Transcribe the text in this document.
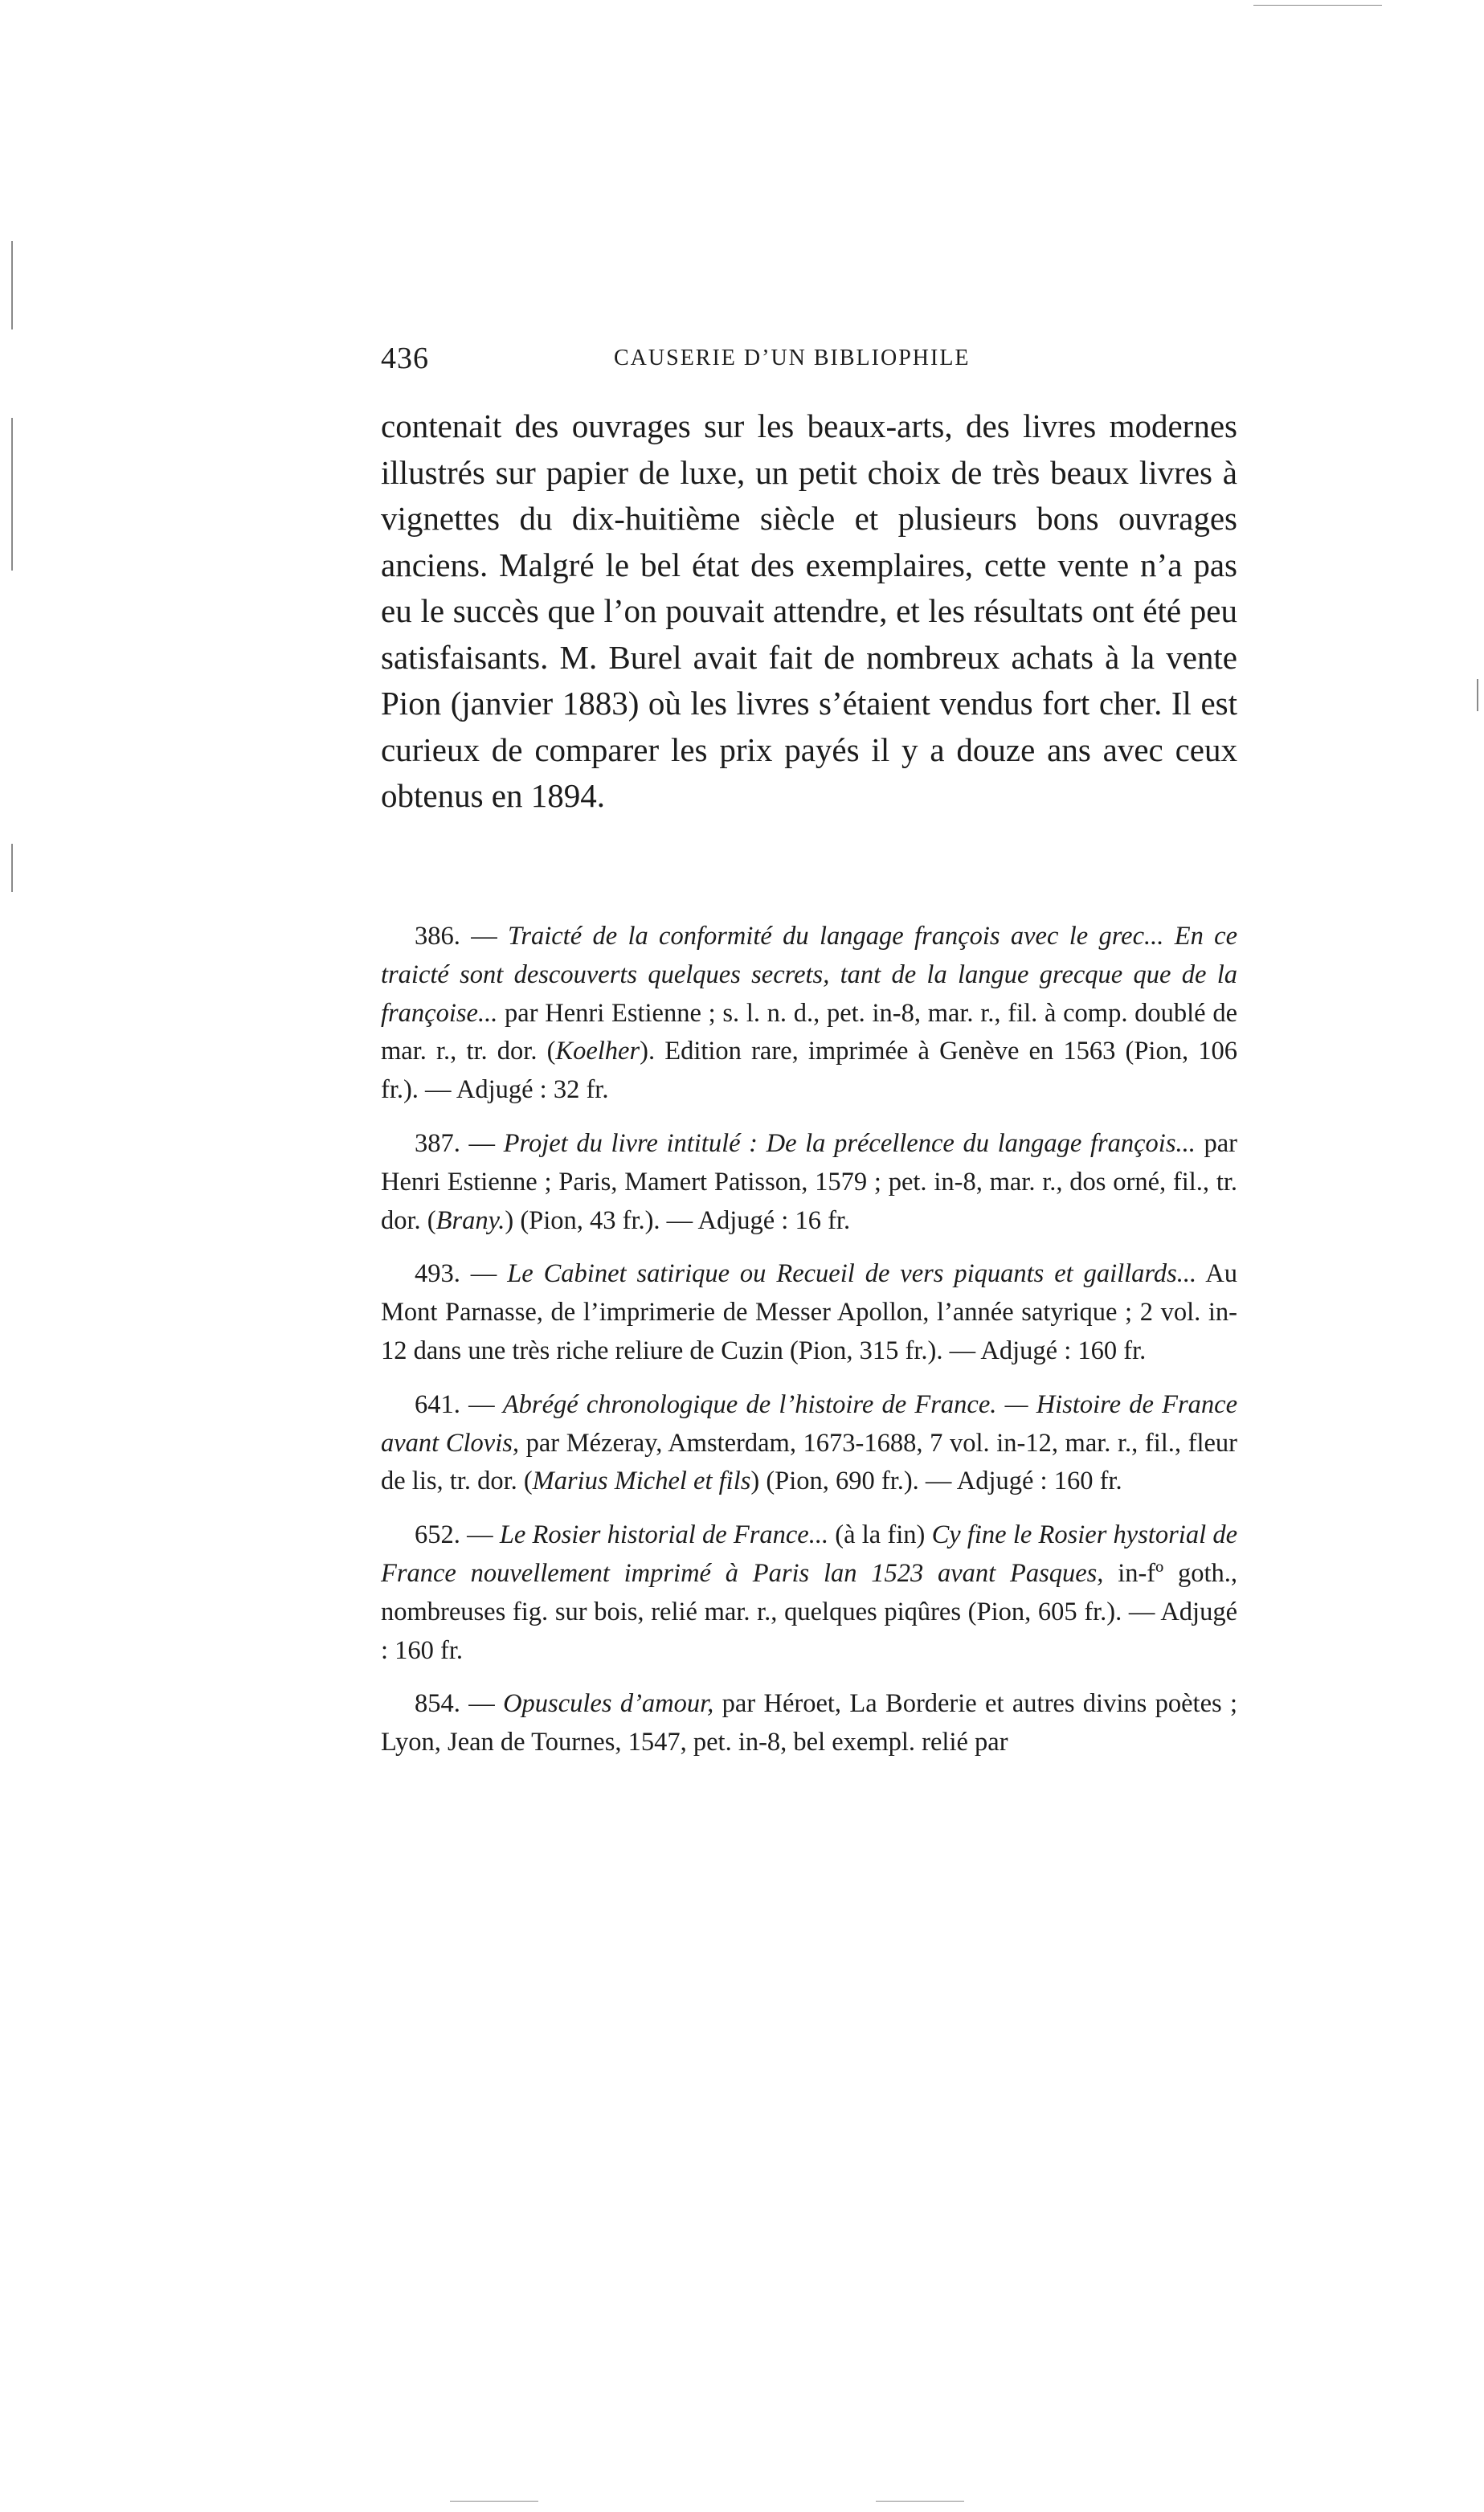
436	CAUSERIE D’UN BIBLIOPHILE

contenait des ouvrages sur les beaux-arts, des livres modernes illustrés sur papier de luxe, un petit choix de très beaux livres à vignettes du dix-huitième siècle et plusieurs bons ouvrages anciens. Malgré le bel état des exemplaires, cette vente n’a pas eu le succès que l’on pouvait attendre, et les résultats ont été peu satisfaisants. M. Burel avait fait de nombreux achats à la vente Pion (janvier 1883) où les livres s’étaient vendus fort cher. Il est curieux de comparer les prix payés il y a douze ans avec ceux obtenus en 1894.

386. — Traicté de la conformité du langage françois avec le grec... En ce traicté sont descouverts quelques secrets, tant de la langue grecque que de la françoise... par Henri Estienne ; s. l. n. d., pet. in-8, mar. r., fil. à comp. doublé de mar. r., tr. dor. (Koelher). Edition rare, imprimée à Genève en 1563 (Pion, 106 fr.). — Adjugé : 32 fr.

387. — Projet du livre intitulé : De la précellence du langage françois... par Henri Estienne ; Paris, Mamert Patisson, 1579 ; pet. in-8, mar. r., dos orné, fil., tr. dor. (Brany.) (Pion, 43 fr.). — Adjugé : 16 fr.

493. — Le Cabinet satirique ou Recueil de vers piquants et gaillards... Au Mont Parnasse, de l’imprimerie de Messer Apollon, l’année satyrique ; 2 vol. in-12 dans une très riche reliure de Cuzin (Pion, 315 fr.). — Adjugé : 160 fr.

641. — Abrégé chronologique de l’histoire de France. — Histoire de France avant Clovis, par Mézeray, Amsterdam, 1673-1688, 7 vol. in-12, mar. r., fil., fleur de lis, tr. dor. (Marius Michel et fils) (Pion, 690 fr.). — Adjugé : 160 fr.

652. — Le Rosier historial de France... (à la fin) Cy fine le Rosier hystorial de France nouvellement imprimé à Paris lan 1523 avant Pasques, in-fº goth., nombreuses fig. sur bois, relié mar. r., quelques piqûres (Pion, 605 fr.). — Adjugé : 160 fr.

854. — Opuscules d’amour, par Héroet, La Borderie et autres divins poètes ; Lyon, Jean de Tournes, 1547, pet. in-8, bel exempl. relié par
